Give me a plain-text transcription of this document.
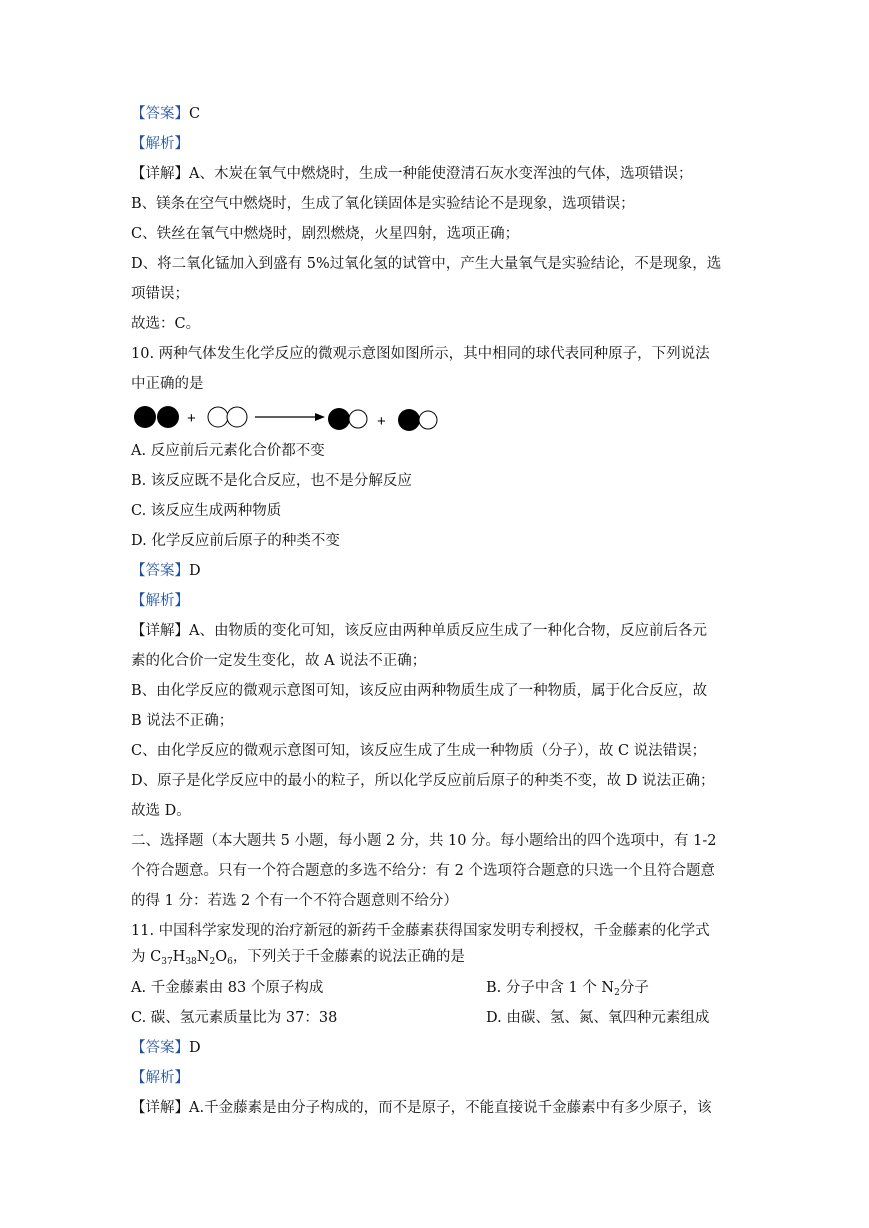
【答案】C
【解析】
【详解】A、木炭在氧气中燃烧时，生成一种能使澄清石灰水变浑浊的气体，选项错误；
B、镁条在空气中燃烧时，生成了氧化镁固体是实验结论不是现象，选项错误；
C、铁丝在氧气中燃烧时，剧烈燃烧，火星四射，选项正确；
D、将二氧化锰加入到盛有 5%过氧化氢的试管中，产生大量氧气是实验结论，不是现象，选
项错误；
故选：C。
10. 两种气体发生化学反应的微观示意图如图所示，其中相同的球代表同种原子，下列说法
中正确的是
A. 反应前后元素化合价都不变
B. 该反应既不是化合反应，也不是分解反应
C. 该反应生成两种物质
D. 化学反应前后原子的种类不变
【答案】D
【解析】
【详解】A、由物质的变化可知，该反应由两种单质反应生成了一种化合物，反应前后各元
素的化合价一定发生变化，故 A 说法不正确；
B、由化学反应的微观示意图可知，该反应由两种物质生成了一种物质，属于化合反应，故
B 说法不正确；
C、由化学反应的微观示意图可知，该反应生成了生成一种物质（分子），故 C 说法错误；
D、原子是化学反应中的最小的粒子，所以化学反应前后原子的种类不变，故 D 说法正确；
故选 D。
二、选择题（本大题共 5 小题，每小题 2 分，共 10 分。每小题给出的四个选项中，有 1-2
个符合题意。只有一个符合题意的多选不给分：有 2 个选项符合题意的只选一个且符合题意
的得 1 分：若选 2 个有一个不符合题意则不给分）
11. 中国科学家发现的治疗新冠的新药千金藤素获得国家发明专利授权，千金藤素的化学式
+	+
为 $C_{37}H_{38}N_2O_6$，下列关于千金藤素的说法正确的是
A. 千金藤素由 83 个原子构成	B. 分子中含 1 个 $N_2$分子
C. 碳、氢元素质量比为 37：38	D. 由碳、氢、氮、氧四种元素组成
【答案】D
【解析】
【详解】A.千金藤素是由分子构成的，而不是原子，不能直接说千金藤素中有多少原子，该
